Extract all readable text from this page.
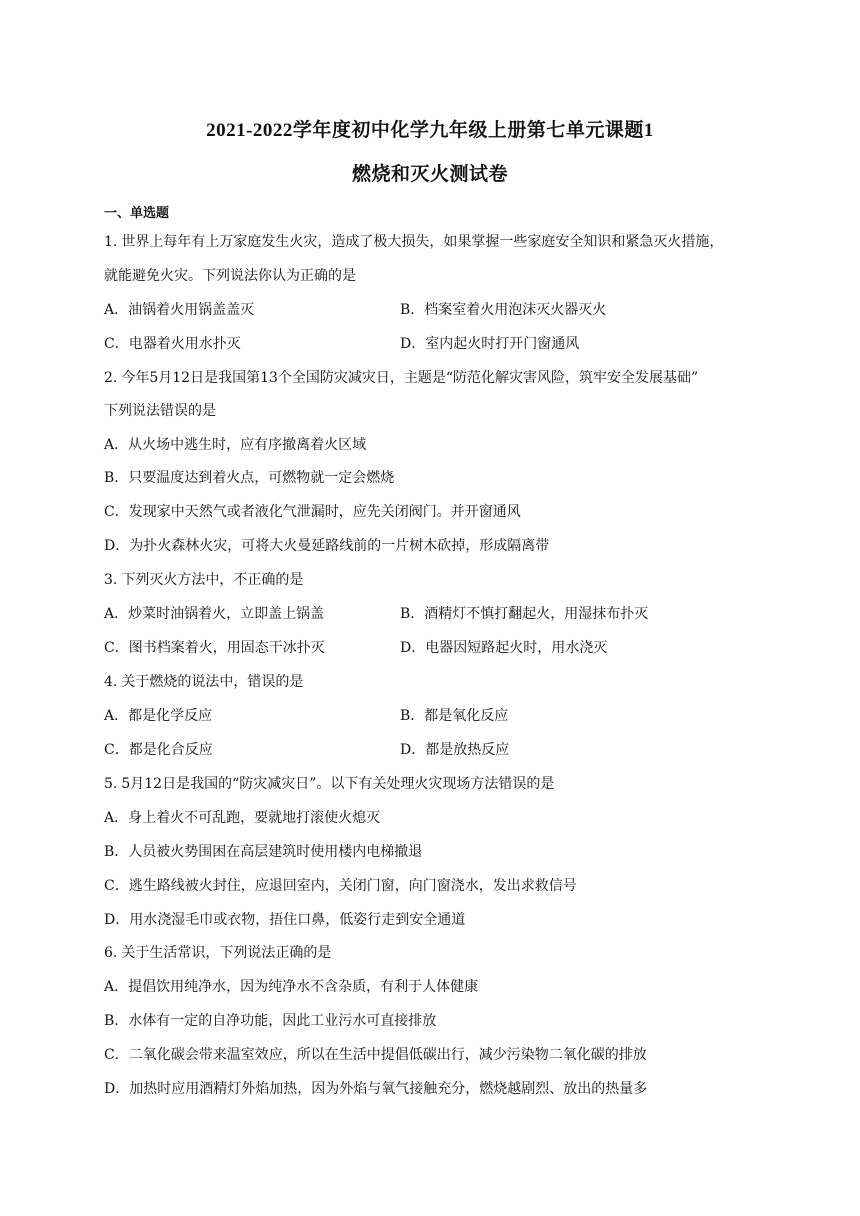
2021-2022学年度初中化学九年级上册第七单元课题1
燃烧和灭火测试卷
一、单选题
1. 世界上每年有上万家庭发生火灾，造成了极大损失，如果掌握一些家庭安全知识和紧急灭火措施，
就能避免火灾。下列说法你认为正确的是
A．油锅着火用锅盖盖灭	B．档案室着火用泡沫灭火器灭火
C．电器着火用水扑灭	D．室内起火时打开门窗通风
2. 今年5月12日是我国第13个全国防灾减灾日，主题是“防范化解灾害风险，筑牢安全发展基础”
下列说法错误的是
A．从火场中逃生时，应有序撤离着火区域
B．只要温度达到着火点，可燃物就一定会燃烧
C．发现家中天然气或者液化气泄漏时，应先关闭阀门。并开窗通风
D．为扑火森林火灾，可将大火曼延路线前的一片树木砍掉，形成隔离带
3. 下列灭火方法中，不正确的是
A．炒菜时油锅着火，立即盖上锅盖	B．酒精灯不慎打翻起火，用湿抹布扑灭
C．图书档案着火，用固态干冰扑灭	D．电器因短路起火时，用水浇灭
4. 关于燃烧的说法中，错误的是
A．都是化学反应	B．都是氧化反应
C．都是化合反应	D．都是放热反应
5. 5月12日是我国的“防灾减灾日”。以下有关处理火灾现场方法错误的是
A．身上着火不可乱跑，要就地打滚使火熄灭
B．人员被火势围困在高层建筑时使用楼内电梯撤退
C．逃生路线被火封住，应退回室内，关闭门窗，向门窗浇水，发出求救信号
D．用水浇湿毛巾或衣物，捂住口鼻，低姿行走到安全通道
6. 关于生活常识，下列说法正确的是
A．提倡饮用纯净水，因为纯净水不含杂质，有利于人体健康
B．水体有一定的自净功能，因此工业污水可直接排放
C．二氧化碳会带来温室效应，所以在生活中提倡低碳出行，减少污染物二氧化碳的排放
D．加热时应用酒精灯外焰加热，因为外焰与氧气接触充分，燃烧越剧烈、放出的热量多
